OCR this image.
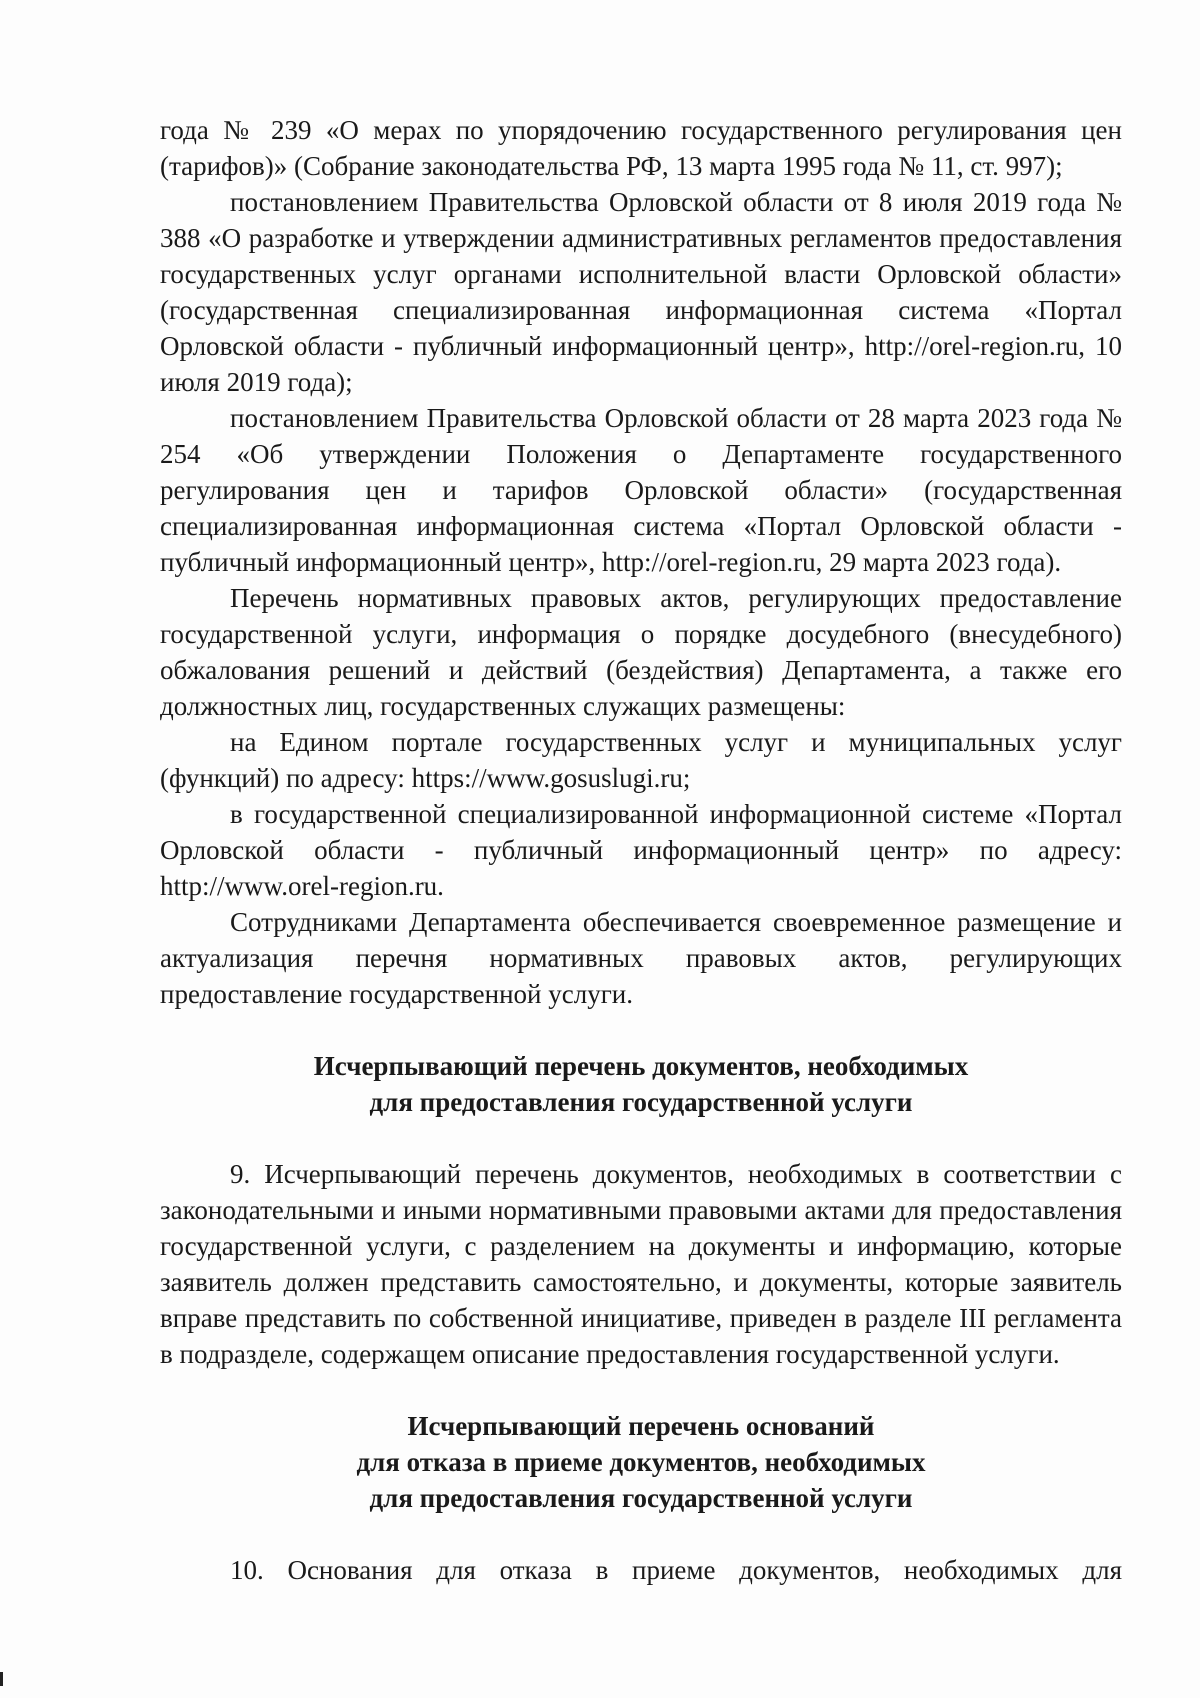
года № 239 «О мерах по упорядочению государственного регулирования цен (тарифов)» (Собрание законодательства РФ, 13 марта 1995 года № 11, ст. 997);

постановлением Правительства Орловской области от 8 июля 2019 года № 388 «О разработке и утверждении административных регламентов предоставления государственных услуг органами исполнительной власти Орловской области» (государственная специализированная информационная система «Портал Орловской области - публичный информационный центр», http://orel-region.ru, 10 июля 2019 года);

постановлением Правительства Орловской области от 28 марта 2023 года № 254 «Об утверждении Положения о Департаменте государственного регулирования цен и тарифов Орловской области» (государственная специализированная информационная система «Портал Орловской области - публичный информационный центр», http://orel-region.ru, 29 марта 2023 года).

Перечень нормативных правовых актов, регулирующих предоставление государственной услуги, информация о порядке досудебного (внесудебного) обжалования решений и действий (бездействия) Департамента, а также его должностных лиц, государственных служащих размещены:

на Едином портале государственных услуг и муниципальных услуг (функций) по адресу: https://www.gosuslugi.ru;

в государственной специализированной информационной системе «Портал Орловской области - публичный информационный центр» по адресу: http://www.orel-region.ru.

Сотрудниками Департамента обеспечивается своевременное размещение и актуализация перечня нормативных правовых актов, регулирующих предоставление государственной услуги.

Исчерпывающий перечень документов, необходимых
для предоставления государственной услуги

9. Исчерпывающий перечень документов, необходимых в соответствии с законодательными и иными нормативными правовыми актами для предоставления государственной услуги, с разделением на документы и информацию, которые заявитель должен представить самостоятельно, и документы, которые заявитель вправе представить по собственной инициативе, приведен в разделе III регламента в подразделе, содержащем описание предоставления государственной услуги.

Исчерпывающий перечень оснований
для отказа в приеме документов, необходимых
для предоставления государственной услуги

10. Основания для отказа в приеме документов, необходимых для
